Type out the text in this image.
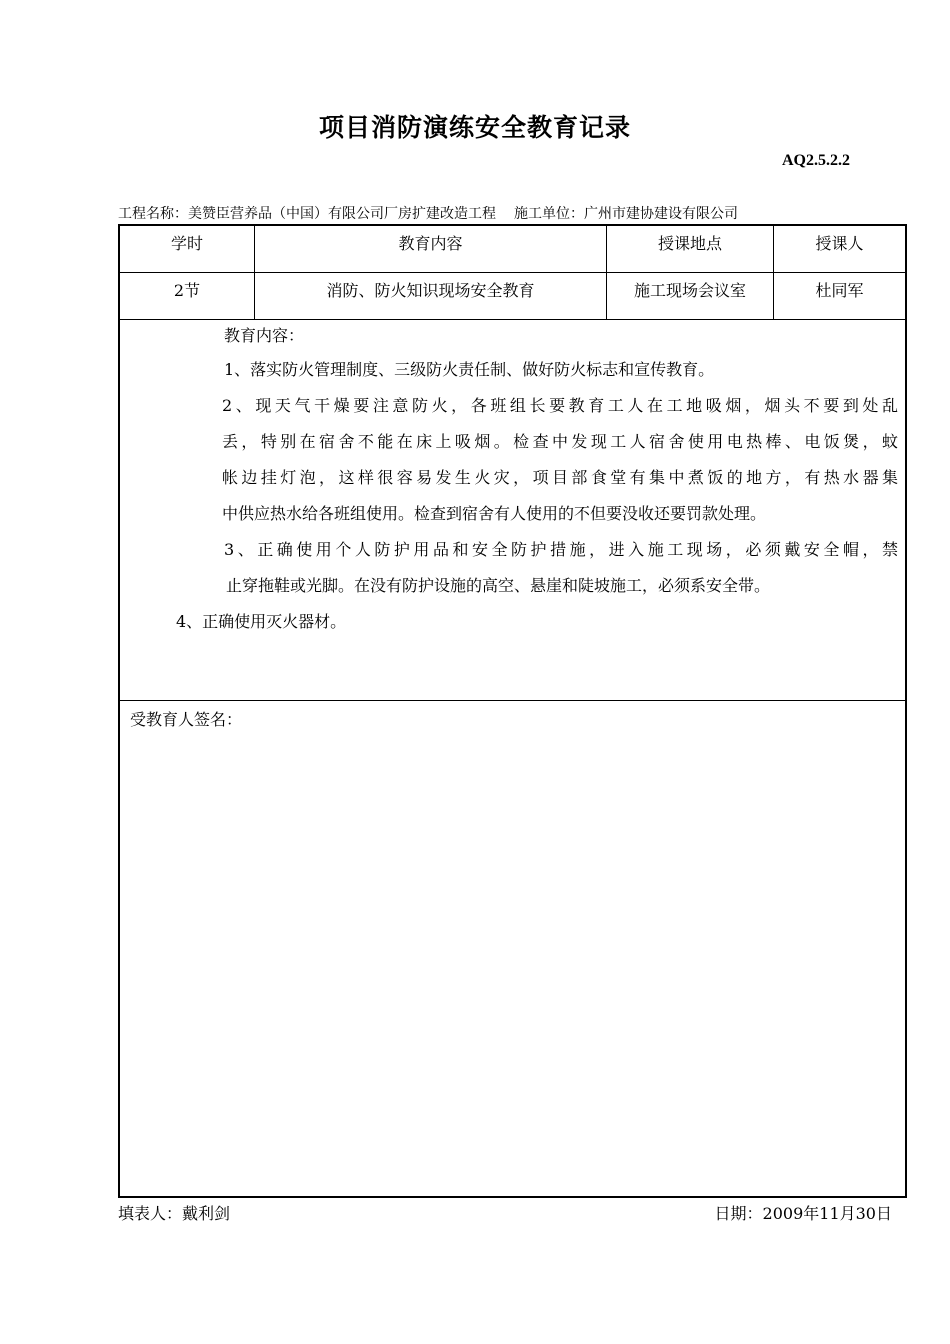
项目消防演练安全教育记录
AQ2.5.2.2
工程名称：美赞臣营养品（中国）有限公司厂房扩建改造工程 施工单位：广州市建协建设有限公司
学时	教育内容	授课地点	授课人
2节	消防、防火知识现场安全教育	施工现场会议室	杜同军
教育内容：
1、落实防火管理制度、三级防火责任制、做好防火标志和宣传教育。
2、现天气干燥要注意防火，各班组长要教育工人在工地吸烟，烟头不要到处乱
丢，特别在宿舍不能在床上吸烟。检查中发现工人宿舍使用电热棒、电饭煲，蚊
帐边挂灯泡，这样很容易发生火灾，项目部食堂有集中煮饭的地方，有热水器集
中供应热水给各班组使用。检查到宿舍有人使用的不但要没收还要罚款处理。
3、正确使用个人防护用品和安全防护措施，进入施工现场，必须戴安全帽，禁
止穿拖鞋或光脚。在没有防护设施的高空、悬崖和陡坡施工，必须系安全带。
4、正确使用灭火器材。
受教育人签名：
填表人：戴利剑	日期：2009年11月30日
